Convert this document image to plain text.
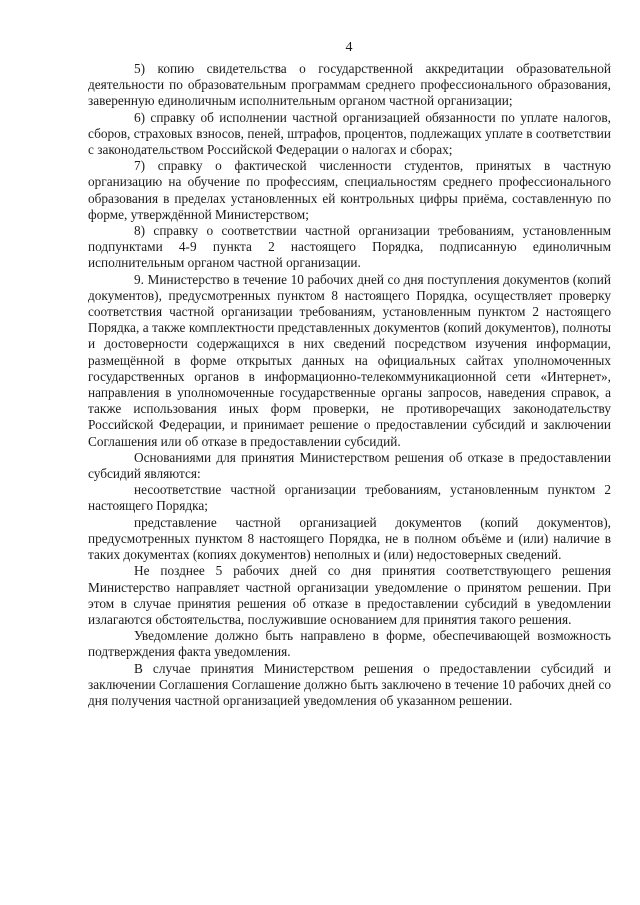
4

5) копию свидетельства о государственной аккредитации образовательной деятельности по образовательным программам среднего профессионального образования, заверенную единоличным исполнительным органом частной организации;

6) справку об исполнении частной организацией обязанности по уплате налогов, сборов, страховых взносов, пеней, штрафов, процентов, подлежащих уплате в соответствии с законодательством Российской Федерации о налогах и сборах;

7) справку о фактической численности студентов, принятых в частную организацию на обучение по профессиям, специальностям среднего профессионального образования в пределах установленных ей контрольных цифры приёма, составленную по форме, утверждённой Министерством;

8) справку о соответствии частной организации требованиям, установленным подпунктами 4-9 пункта 2 настоящего Порядка, подписанную единоличным исполнительным органом частной организации.

9. Министерство в течение 10 рабочих дней со дня поступления документов (копий документов), предусмотренных пунктом 8 настоящего Порядка, осуществляет проверку соответствия частной организации требованиям, установленным пунктом 2 настоящего Порядка, а также комплектности представленных документов (копий документов), полноты и достоверности содержащихся в них сведений посредством изучения информации, размещённой в форме открытых данных на официальных сайтах уполномоченных государственных органов в информационно-телекоммуникационной сети «Интернет», направления в уполномоченные государственные органы запросов, наведения справок, а также использования иных форм проверки, не противоречащих законодательству Российской Федерации, и принимает решение о предоставлении субсидий и заключении Соглашения или об отказе в предоставлении субсидий.

Основаниями для принятия Министерством решения об отказе в предоставлении субсидий являются:

несоответствие частной организации требованиям, установленным пунктом 2 настоящего Порядка;

представление частной организацией документов (копий документов), предусмотренных пунктом 8 настоящего Порядка, не в полном объёме и (или) наличие в таких документах (копиях документов) неполных и (или) недостоверных сведений.

Не позднее 5 рабочих дней со дня принятия соответствующего решения Министерство направляет частной организации уведомление о принятом решении. При этом в случае принятия решения об отказе в предоставлении субсидий в уведомлении излагаются обстоятельства, послужившие основанием для принятия такого решения.

Уведомление должно быть направлено в форме, обеспечивающей возможность подтверждения факта уведомления.

В случае принятия Министерством решения о предоставлении субсидий и заключении Соглашения Соглашение должно быть заключено в течение 10 рабочих дней со дня получения частной организацией уведомления об указанном решении.
